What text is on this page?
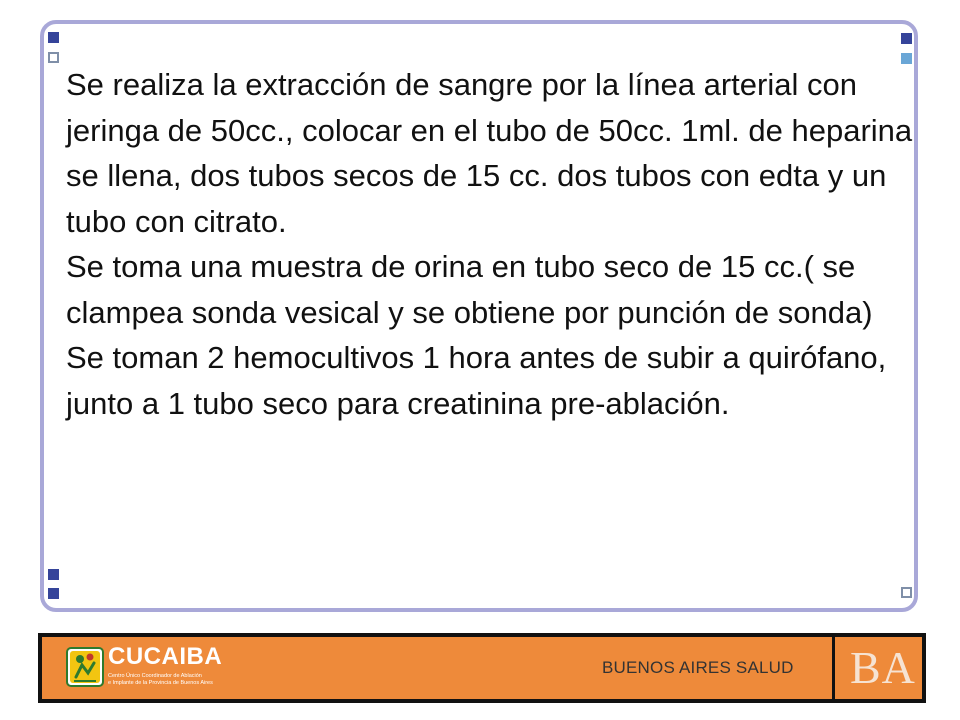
Se realiza la extracción de sangre por la línea arterial con jeringa de 50cc., colocar en el tubo de 50cc. 1ml. de heparina se llena, dos tubos secos de 15 cc. dos tubos con edta y un tubo con citrato.

Se toma una muestra de orina en tubo seco de 15 cc.( se clampea sonda vesical y se obtiene por punción de sonda)

Se toman 2 hemocultivos 1 hora antes de subir a quirófano, junto a 1 tubo seco para creatinina pre-ablación.

CUCAIBA
Centro Único Coordinador de Ablación
e Implante de la Provincia de Buenos Aires
BUENOS AIRES SALUD BA
